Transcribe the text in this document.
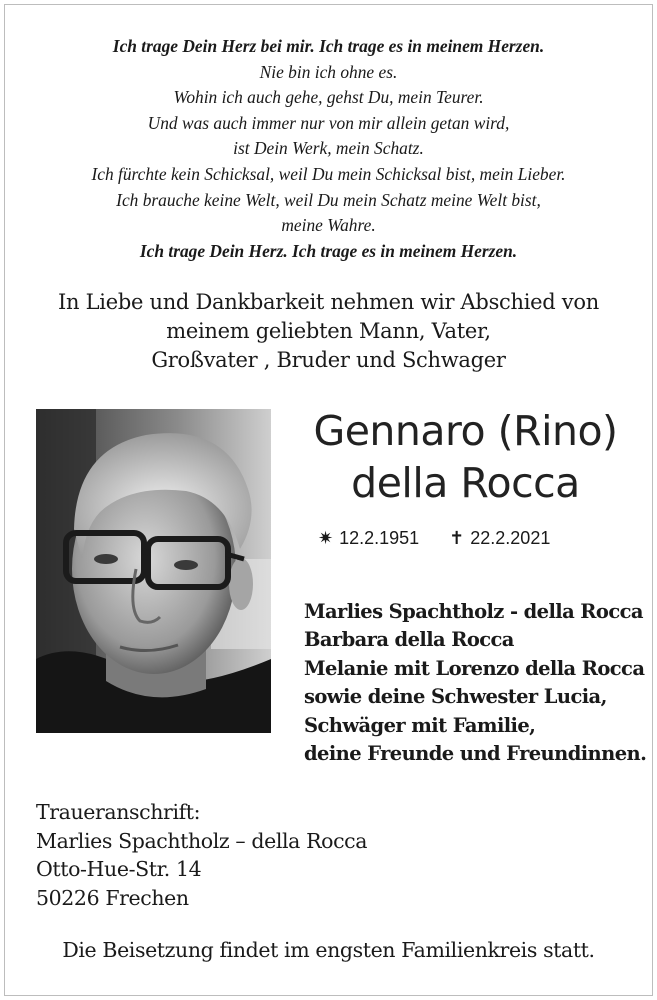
Ich trage Dein Herz bei mir. Ich trage es in meinem Herzen.
Nie bin ich ohne es.
Wohin ich auch gehe, gehst Du, mein Teurer.
Und was auch immer nur von mir allein getan wird,
ist Dein Werk, mein Schatz.
Ich fürchte kein Schicksal, weil Du mein Schicksal bist, mein Lieber.
Ich brauche keine Welt, weil Du mein Schatz meine Welt bist,
meine Wahre.
Ich trage Dein Herz. Ich trage es in meinem Herzen.
In Liebe und Dankbarkeit nehmen wir Abschied von
meinem geliebten Mann, Vater,
Großvater , Bruder und Schwager
Gennaro (Rino)
della Rocca
✷ 12.2.1951 ✝ 22.2.2021
Marlies Spachtholz - della Rocca
Barbara della Rocca
Melanie mit Lorenzo della Rocca
sowie deine Schwester Lucia,
Schwäger mit Familie,
deine Freunde und Freundinnen.
Traueranschrift:
Marlies Spachtholz – della Rocca
Otto-Hue-Str. 14
50226 Frechen
Die Beisetzung findet im engsten Familienkreis statt.
